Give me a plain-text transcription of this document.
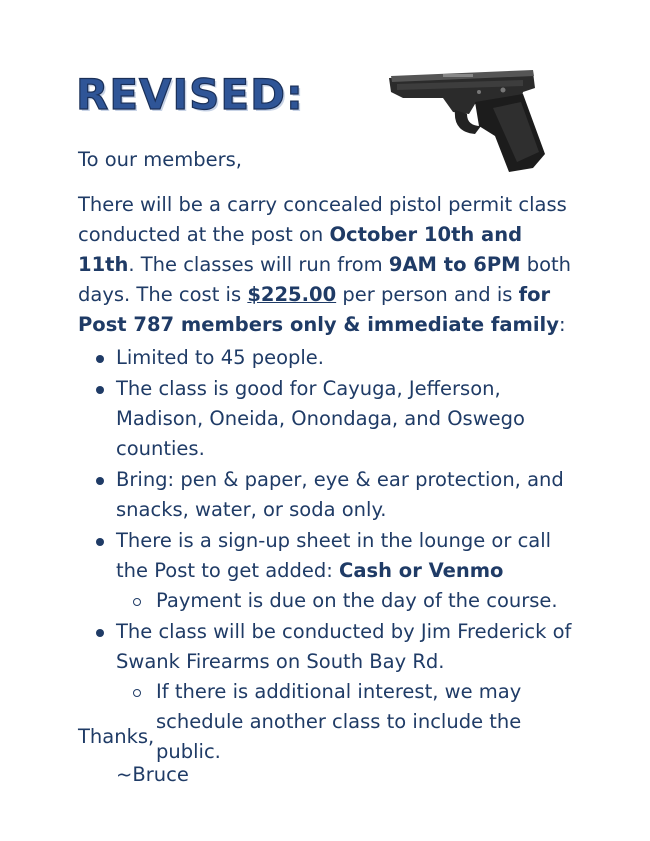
REVISED:

To our members,

There will be a carry concealed pistol permit class conducted at the post on October 10th and 11th. The classes will run from 9AM to 6PM both days. The cost is $225.00 per person and is for Post 787 members only & immediate family:

Limited to 45 people.
The class is good for Cayuga, Jefferson, Madison, Oneida, Onondaga, and Oswego counties.
Bring: pen & paper, eye & ear protection, and snacks, water, or soda only.
There is a sign-up sheet in the lounge or call the Post to get added: Cash or Venmo
Payment is due on the day of the course.
The class will be conducted by Jim Frederick of Swank Firearms on South Bay Rd.
If there is additional interest, we may schedule another class to include the public.

Thanks,

~Bruce
